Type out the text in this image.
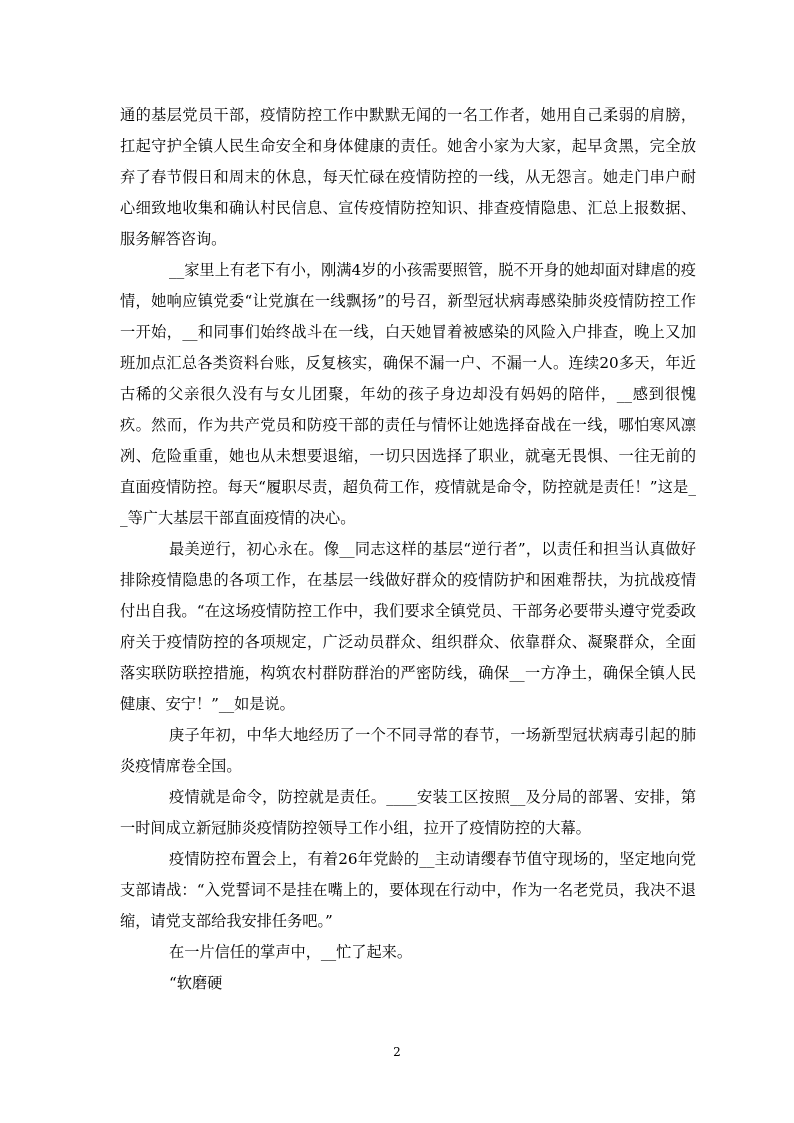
通的基层党员干部，疫情防控工作中默默无闻的一名工作者，她用自己柔弱的肩膀，扛起守护全镇人民生命安全和身体健康的责任。她舍小家为大家，起早贪黑，完全放弃了春节假日和周末的休息，每天忙碌在疫情防控的一线，从无怨言。她走门串户耐心细致地收集和确认村民信息、宣传疫情防控知识、排查疫情隐患、汇总上报数据、服务解答咨询。

__家里上有老下有小，刚满4岁的小孩需要照管，脱不开身的她却面对肆虐的疫情，她响应镇党委“让党旗在一线飘扬”的号召，新型冠状病毒感染肺炎疫情防控工作一开始，__和同事们始终战斗在一线，白天她冒着被感染的风险入户排查，晚上又加班加点汇总各类资料台账，反复核实，确保不漏一户、不漏一人。连续20多天，年近古稀的父亲很久没有与女儿团聚，年幼的孩子身边却没有妈妈的陪伴，__感到很愧疚。然而，作为共产党员和防疫干部的责任与情怀让她选择奋战在一线，哪怕寒风凛冽、危险重重，她也从未想要退缩，一切只因选择了职业，就毫无畏惧、一往无前的直面疫情防控。每天“履职尽责，超负荷工作，疫情就是命令，防控就是责任！”这是__等广大基层干部直面疫情的决心。

最美逆行，初心永在。像__同志这样的基层“逆行者”，以责任和担当认真做好排除疫情隐患的各项工作，在基层一线做好群众的疫情防护和困难帮扶，为抗战疫情付出自我。“在这场疫情防控工作中，我们要求全镇党员、干部务必要带头遵守党委政府关于疫情防控的各项规定，广泛动员群众、组织群众、依靠群众、凝聚群众，全面落实联防联控措施，构筑农村群防群治的严密防线，确保__一方净土，确保全镇人民健康、安宁！”__如是说。

庚子年初，中华大地经历了一个不同寻常的春节，一场新型冠状病毒引起的肺炎疫情席卷全国。

疫情就是命令，防控就是责任。____安装工区按照__及分局的部署、安排，第一时间成立新冠肺炎疫情防控领导工作小组，拉开了疫情防控的大幕。

疫情防控布置会上，有着26年党龄的__主动请缨春节值守现场的，坚定地向党支部请战：“入党誓词不是挂在嘴上的，要体现在行动中，作为一名老党员，我决不退缩，请党支部给我安排任务吧。”

在一片信任的掌声中，__忙了起来。

“软磨硬

2
